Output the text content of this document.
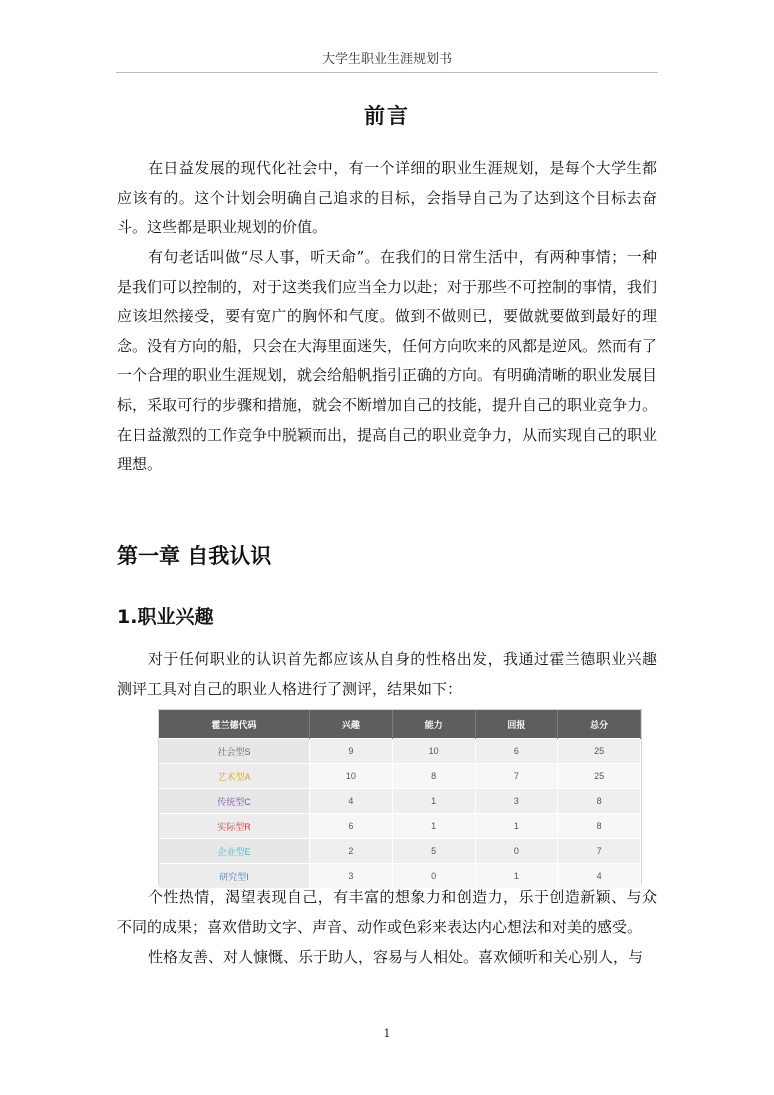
大学生职业生涯规划书
前言

在日益发展的现代化社会中，有一个详细的职业生涯规划，是每个大学生都应该有的。这个计划会明确自己追求的目标，会指导自己为了达到这个目标去奋斗。这些都是职业规划的价值。

有句老话叫做“尽人事，听天命”。在我们的日常生活中，有两种事情；一种是我们可以控制的，对于这类我们应当全力以赴；对于那些不可控制的事情，我们应该坦然接受，要有宽广的胸怀和气度。做到不做则已，要做就要做到最好的理念。没有方向的船，只会在大海里面迷失，任何方向吹来的风都是逆风。然而有了一个合理的职业生涯规划，就会给船帆指引正确的方向。有明确清晰的职业发展目标，采取可行的步骤和措施，就会不断增加自己的技能，提升自己的职业竞争力。在日益激烈的工作竞争中脱颖而出，提高自己的职业竞争力，从而实现自己的职业理想。

第一章 自我认识
1.职业兴趣

对于任何职业的认识首先都应该从自身的性格出发，我通过霍兰德职业兴趣测评工具对自己的职业人格进行了测评，结果如下：

霍兰德代码	兴趣	能力	回报	总分
社会型S	9	10	6	25
艺术型A	10	8	7	25
传统型C	4	1	3	8
实际型R	6	1	1	8
企业型E	2	5	0	7
研究型I	3	0	1	4

个性热情，渴望表现自己，有丰富的想象力和创造力，乐于创造新颖、与众不同的成果；喜欢借助文字、声音、动作或色彩来表达内心想法和对美的感受。

性格友善、对人慷慨、乐于助人，容易与人相处。喜欢倾听和关心别人，与

1
